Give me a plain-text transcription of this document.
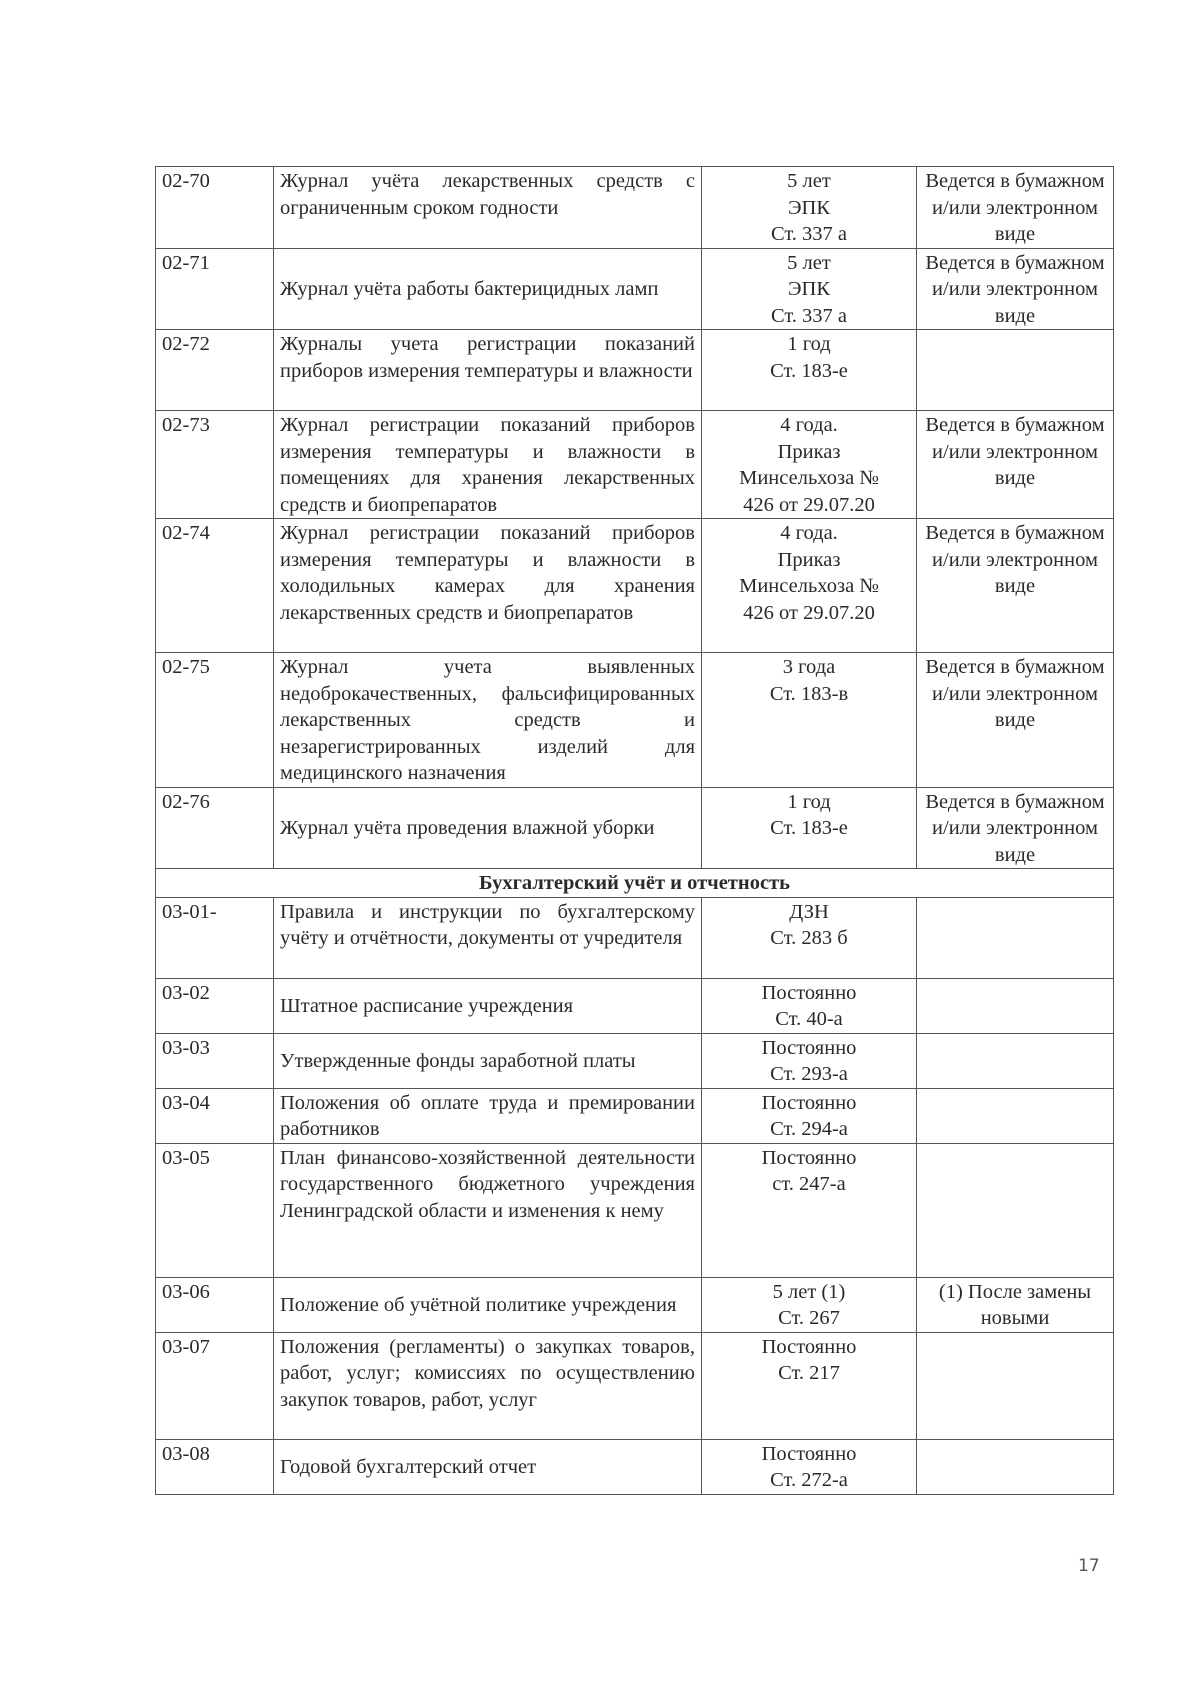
02-70	Журнал учёта лекарственных средств с ограниченным сроком годности	5 лет
ЭПК
Ст. 337 а	Ведется в бумажном и/или электронном виде
02-71	Журнал учёта работы бактерицидных ламп	5 лет
ЭПК
Ст. 337 а	Ведется в бумажном и/или электронном виде
02-72	Журналы учета регистрации показаний приборов измерения температуры и влажности	1 год
Ст. 183-е	

02-73	Журнал регистрации показаний приборов измерения температуры и влажности в помещениях для хранения лекарственных средств и биопрепаратов	4 года.
Приказ
Минсельхоза №
426 от 29.07.20	Ведется в бумажном и/или электронном виде
02-74	Журнал регистрации показаний приборов измерения температуры и влажности в холодильных камерах для хранения лекарственных средств и биопрепаратов	4 года.
Приказ
Минсельхоза №
426 от 29.07.20	Ведется в бумажном и/или электронном виде
02-75	Журнал учета выявленных недоброкачественных, фальсифицированных лекарственных средств и незарегистрированных изделий для медицинского назначения	3 года
Ст. 183-в	Ведется в бумажном и/или электронном виде
02-76	Журнал учёта проведения влажной уборки	1 год
Ст. 183-е	Ведется в бумажном и/или электронном виде
Бухгалтерский учёт и отчетность			
03-01-	Правила и инструкции по бухгалтерскому учёту и отчётности, документы от учредителя	ДЗН
Ст. 283 б	

03-02	Штатное расписание учреждения	Постоянно
Ст. 40-а	

03-03	Утвержденные фонды заработной платы	Постоянно
Ст. 293-а	

03-04	Положения об оплате труда и премировании работников	Постоянно
Ст. 294-а	

03-05	План финансово-хозяйственной деятельности государственного бюджетного учреждения Ленинградской области и изменения к нему	Постоянно
ст. 247-а	

03-06	Положение об учётной политике учреждения	5 лет (1)
Ст. 267	(1) После замены новыми
03-07	Положения (регламенты) о закупках товаров, работ, услуг; комиссиях по осуществлению закупок товаров, работ, услуг	Постоянно
Ст. 217	

03-08	Годовой бухгалтерский отчет	Постоянно
Ст. 272-а	

17
